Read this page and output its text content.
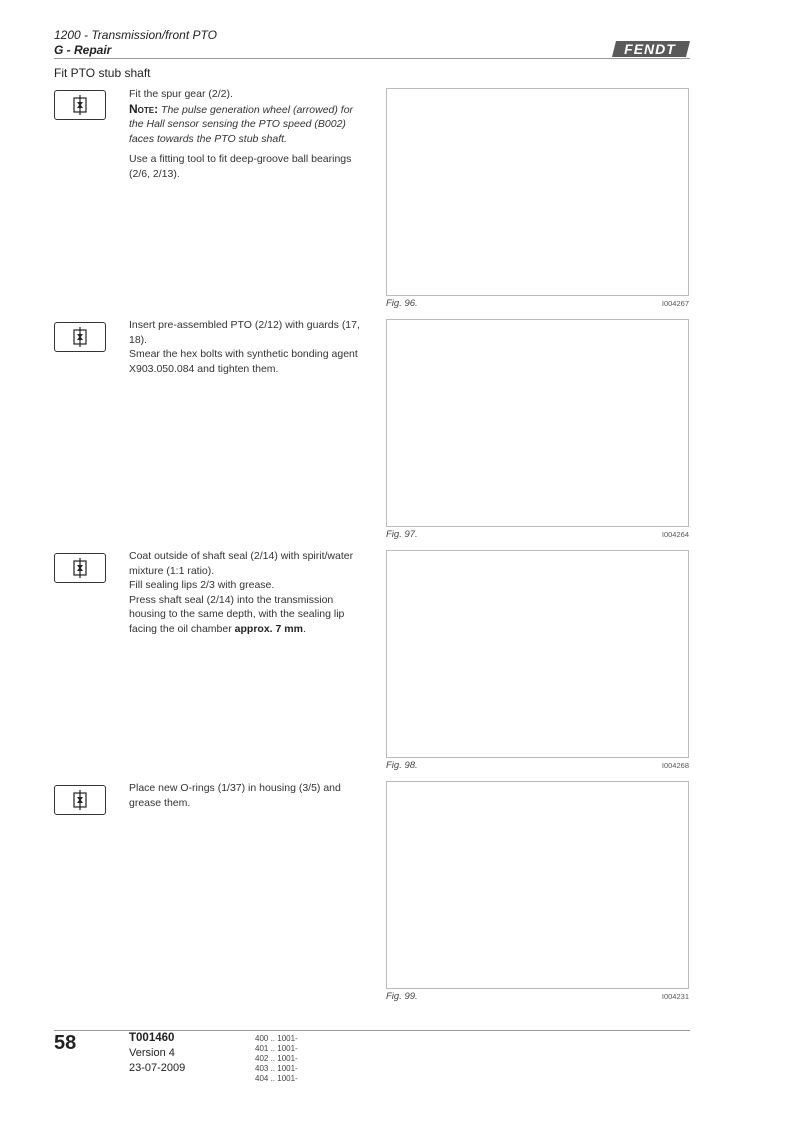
1200 - Transmission/front PTO
G - Repair	FENDT
Fit PTO stub shaft

Fit the spur gear (2/2).
Note: The pulse generation wheel (arrowed) for the Hall sensor sensing the PTO speed (B002) faces towards the PTO stub shaft.

Use a fitting tool to fit deep-groove ball bearings (2/6, 2/13).

Fig. 96.	I004267

Insert pre-assembled PTO (2/12) with guards (17, 18).
Smear the hex bolts with synthetic bonding agent X903.050.084 and tighten them.

Fig. 97.	I004264

Coat outside of shaft seal (2/14) with spirit/water mixture (1:1 ratio).
Fill sealing lips 2/3 with grease.
Press shaft seal (2/14) into the transmission housing to the same depth, with the sealing lip facing the oil chamber approx. 7 mm.

Fig. 98.	I004268

Place new O-rings (1/37) in housing (3/5) and grease them.

Fig. 99.	I004231
58	T001460
Version 4
23-07-2009
400 .. 1001-
401 .. 1001-
402 .. 1001-
403 .. 1001-
404 .. 1001-
